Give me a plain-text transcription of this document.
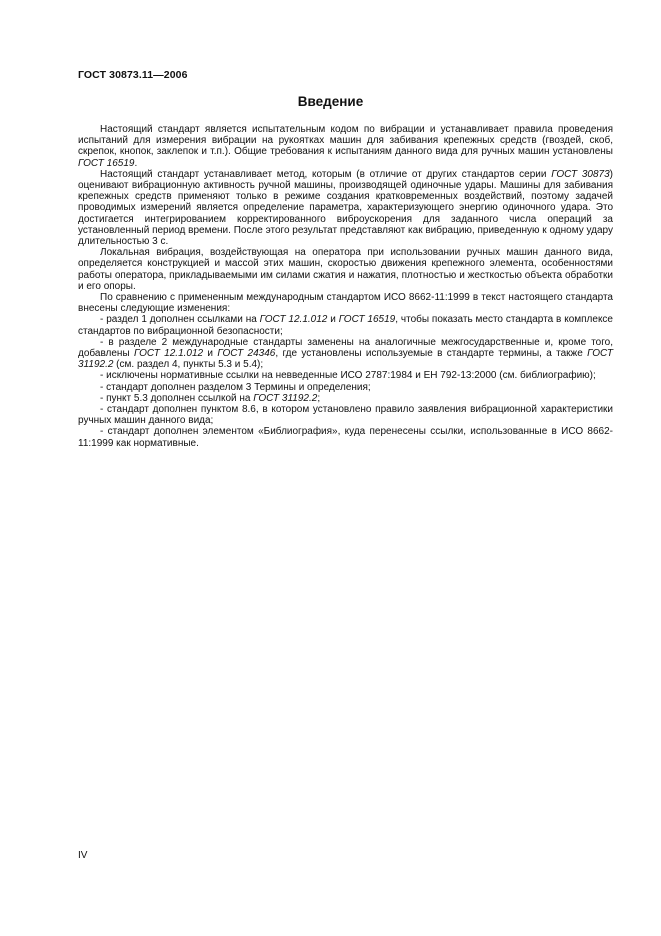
ГОСТ 30873.11—2006
Введение

Настоящий стандарт является испытательным кодом по вибрации и устанавливает правила проведения испытаний для измерения вибрации на рукоятках машин для забивания крепежных средств (гвоздей, скоб, скрепок, кнопок, заклепок и т.п.). Общие требования к испытаниям данного вида для ручных машин установлены ГОСТ 16519.

Настоящий стандарт устанавливает метод, которым (в отличие от других стандартов серии ГОСТ 30873) оценивают вибрационную активность ручной машины, производящей одиночные удары. Машины для забивания крепежных средств применяют только в режиме создания кратковременных воздействий, поэтому задачей проводимых измерений является определение параметра, характеризующего энергию одиночного удара. Это достигается интегрированием корректированного виброускорения для заданного числа операций за установленный период времени. После этого результат представляют как вибрацию, приведенную к одному удару длительностью 3 с.

Локальная вибрация, воздействующая на оператора при использовании ручных машин данного вида, определяется конструкцией и массой этих машин, скоростью движения крепежного элемента, особенностями работы оператора, прикладываемыми им силами сжатия и нажатия, плотностью и жесткостью объекта обработки и его опоры.

По сравнению с примененным международным стандартом ИСО 8662-11:1999 в текст настоящего стандарта внесены следующие изменения:

- раздел 1 дополнен ссылками на ГОСТ 12.1.012 и ГОСТ 16519, чтобы показать место стандарта в комплексе стандартов по вибрационной безопасности;

- в разделе 2 международные стандарты заменены на аналогичные межгосударственные и, кроме того, добавлены ГОСТ 12.1.012 и ГОСТ 24346, где установлены используемые в стандарте термины, а также ГОСТ 31192.2 (см. раздел 4, пункты 5.3 и 5.4);

- исключены нормативные ссылки на невведенные ИСО 2787:1984 и ЕН 792-13:2000 (см. библиографию);

- стандарт дополнен разделом 3 Термины и определения;

- пункт 5.3 дополнен ссылкой на ГОСТ 31192.2;

- стандарт дополнен пунктом 8.6, в котором установлено правило заявления вибрационной характеристики ручных машин данного вида;

- стандарт дополнен элементом «Библиография», куда перенесены ссылки, использованные в ИСО 8662-11:1999 как нормативные.

IV
